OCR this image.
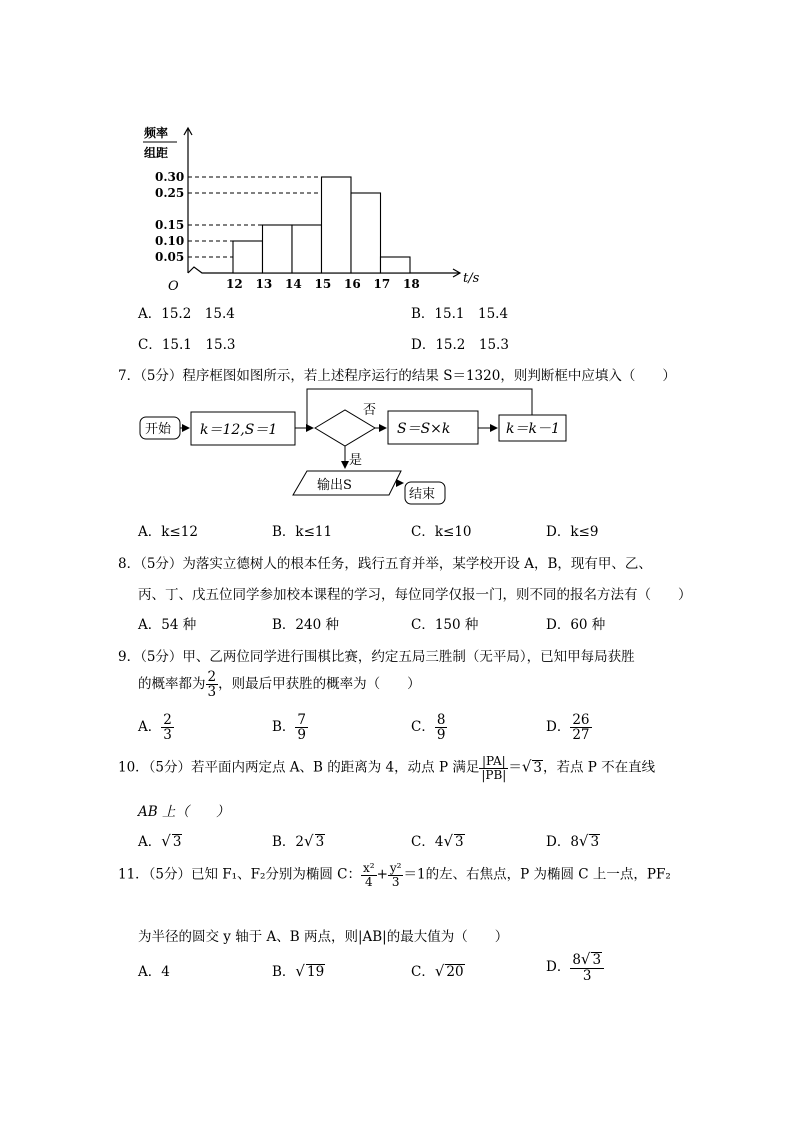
0.30
0.25
0.15
0.10
0.05
12 13 14 15 16 17 18
频率
组距
O
t/s
A．15.2　15.4	B．15.1　15.4
C．15.1　15.3	D．15.2　15.3
7．（5分）程序框图如图所示，若上述程序运行的结果 S＝1320，则判断框中应填入（　　）
开始 k＝12,S＝1
否
S＝S×k	k＝k－1
是
输出S
结束
A．k≤12	B．k≤11	C．k≤10	D．k≤9
8．（5分）为落实立德树人的根本任务，践行五育并举，某学校开设 A，B，现有甲、乙、
丙、丁、戊五位同学参加校本课程的学习，每位同学仅报一门，则不同的报名方法有（　　）
A．54 种	B．240 种	C．150 种	D．60 种
9．（5分）甲、乙两位同学进行围棋比赛，约定五局三胜制（无平局），已知甲每局获胜
的概率都为 $\frac{2}{3}$ ，则最后甲获胜的概率为（　　）
A． $\frac{2}{3}$	B． $\frac{7}{9}$	C． $\frac{8}{9}$	D． $\frac{26}{27}$
10．（5分）若平面内两定点 A、B 的距离为 4，动点 P 满足 $\frac{|PA|}{|PB|}$ ＝√ 3，若点 P 不在直线
AB 上（　　）
A．√ 3	B．2√ 3	C．4√ 3	D．8√ 3
11．（5分）已知 F₁、F₂分别为椭圆 C： $\frac{\text{x²}}{4} + \frac{\text{y²}}{3} =1$的左、右焦点，P 为椭圆 C 上一点，PF₂
为半径的圆交 y 轴于 A、B 两点，则|AB|的最大值为（　　）
A．4	B．√ 19	C．√ 20	D． $\frac{8√ 3}{3}$
